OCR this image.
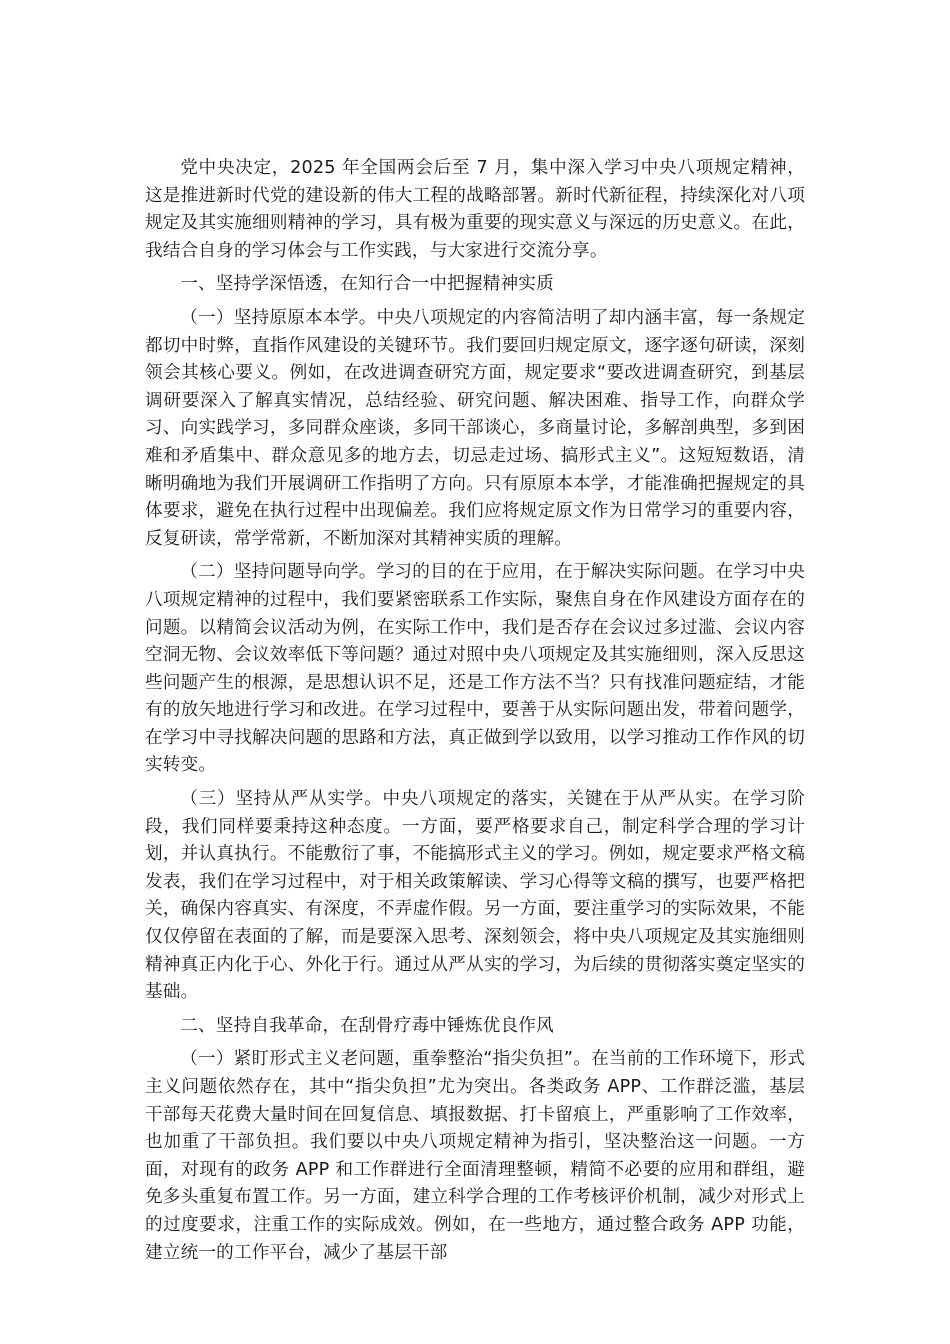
党中央决定，2025 年全国两会后至 7 月，集中深入学习中央八项规定精神，这是推进新时代党的建设新的伟大工程的战略部署。新时代新征程，持续深化对八项规定及其实施细则精神的学习，具有极为重要的现实意义与深远的历史意义。在此，我结合自身的学习体会与工作实践，与大家进行交流分享。

一、坚持学深悟透，在知行合一中把握精神实质

（一）坚持原原本本学。中央八项规定的内容简洁明了却内涵丰富，每一条规定都切中时弊，直指作风建设的关键环节。我们要回归规定原文，逐字逐句研读，深刻领会其核心要义。例如，在改进调查研究方面，规定要求“要改进调查研究，到基层调研要深入了解真实情况，总结经验、研究问题、解决困难、指导工作，向群众学习、向实践学习，多同群众座谈，多同干部谈心，多商量讨论，多解剖典型，多到困难和矛盾集中、群众意见多的地方去，切忌走过场、搞形式主义”。这短短数语，清晰明确地为我们开展调研工作指明了方向。只有原原本本学，才能准确把握规定的具体要求，避免在执行过程中出现偏差。我们应将规定原文作为日常学习的重要内容，反复研读，常学常新，不断加深对其精神实质的理解。

（二）坚持问题导向学。学习的目的在于应用，在于解决实际问题。在学习中央八项规定精神的过程中，我们要紧密联系工作实际，聚焦自身在作风建设方面存在的问题。以精简会议活动为例，在实际工作中，我们是否存在会议过多过滥、会议内容空洞无物、会议效率低下等问题？通过对照中央八项规定及其实施细则，深入反思这些问题产生的根源，是思想认识不足，还是工作方法不当？只有找准问题症结，才能有的放矢地进行学习和改进。在学习过程中，要善于从实际问题出发，带着问题学，在学习中寻找解决问题的思路和方法，真正做到学以致用，以学习推动工作作风的切实转变。

（三）坚持从严从实学。中央八项规定的落实，关键在于从严从实。在学习阶段，我们同样要秉持这种态度。一方面，要严格要求自己，制定科学合理的学习计划，并认真执行。不能敷衍了事，不能搞形式主义的学习。例如，规定要求严格文稿发表，我们在学习过程中，对于相关政策解读、学习心得等文稿的撰写，也要严格把关，确保内容真实、有深度，不弄虚作假。另一方面，要注重学习的实际效果，不能仅仅停留在表面的了解，而是要深入思考、深刻领会，将中央八项规定及其实施细则精神真正内化于心、外化于行。通过从严从实的学习，为后续的贯彻落实奠定坚实的基础。

二、坚持自我革命，在刮骨疗毒中锤炼优良作风

（一）紧盯形式主义老问题，重拳整治“指尖负担”。在当前的工作环境下，形式主义问题依然存在，其中“指尖负担”尤为突出。各类政务 APP、工作群泛滥，基层干部每天花费大量时间在回复信息、填报数据、打卡留痕上，严重影响了工作效率，也加重了干部负担。我们要以中央八项规定精神为指引，坚决整治这一问题。一方面，对现有的政务 APP 和工作群进行全面清理整顿，精简不必要的应用和群组，避免多头重复布置工作。另一方面，建立科学合理的工作考核评价机制，减少对形式上的过度要求，注重工作的实际成效。例如，在一些地方，通过整合政务 APP 功能，建立统一的工作平台，减少了基层干部
